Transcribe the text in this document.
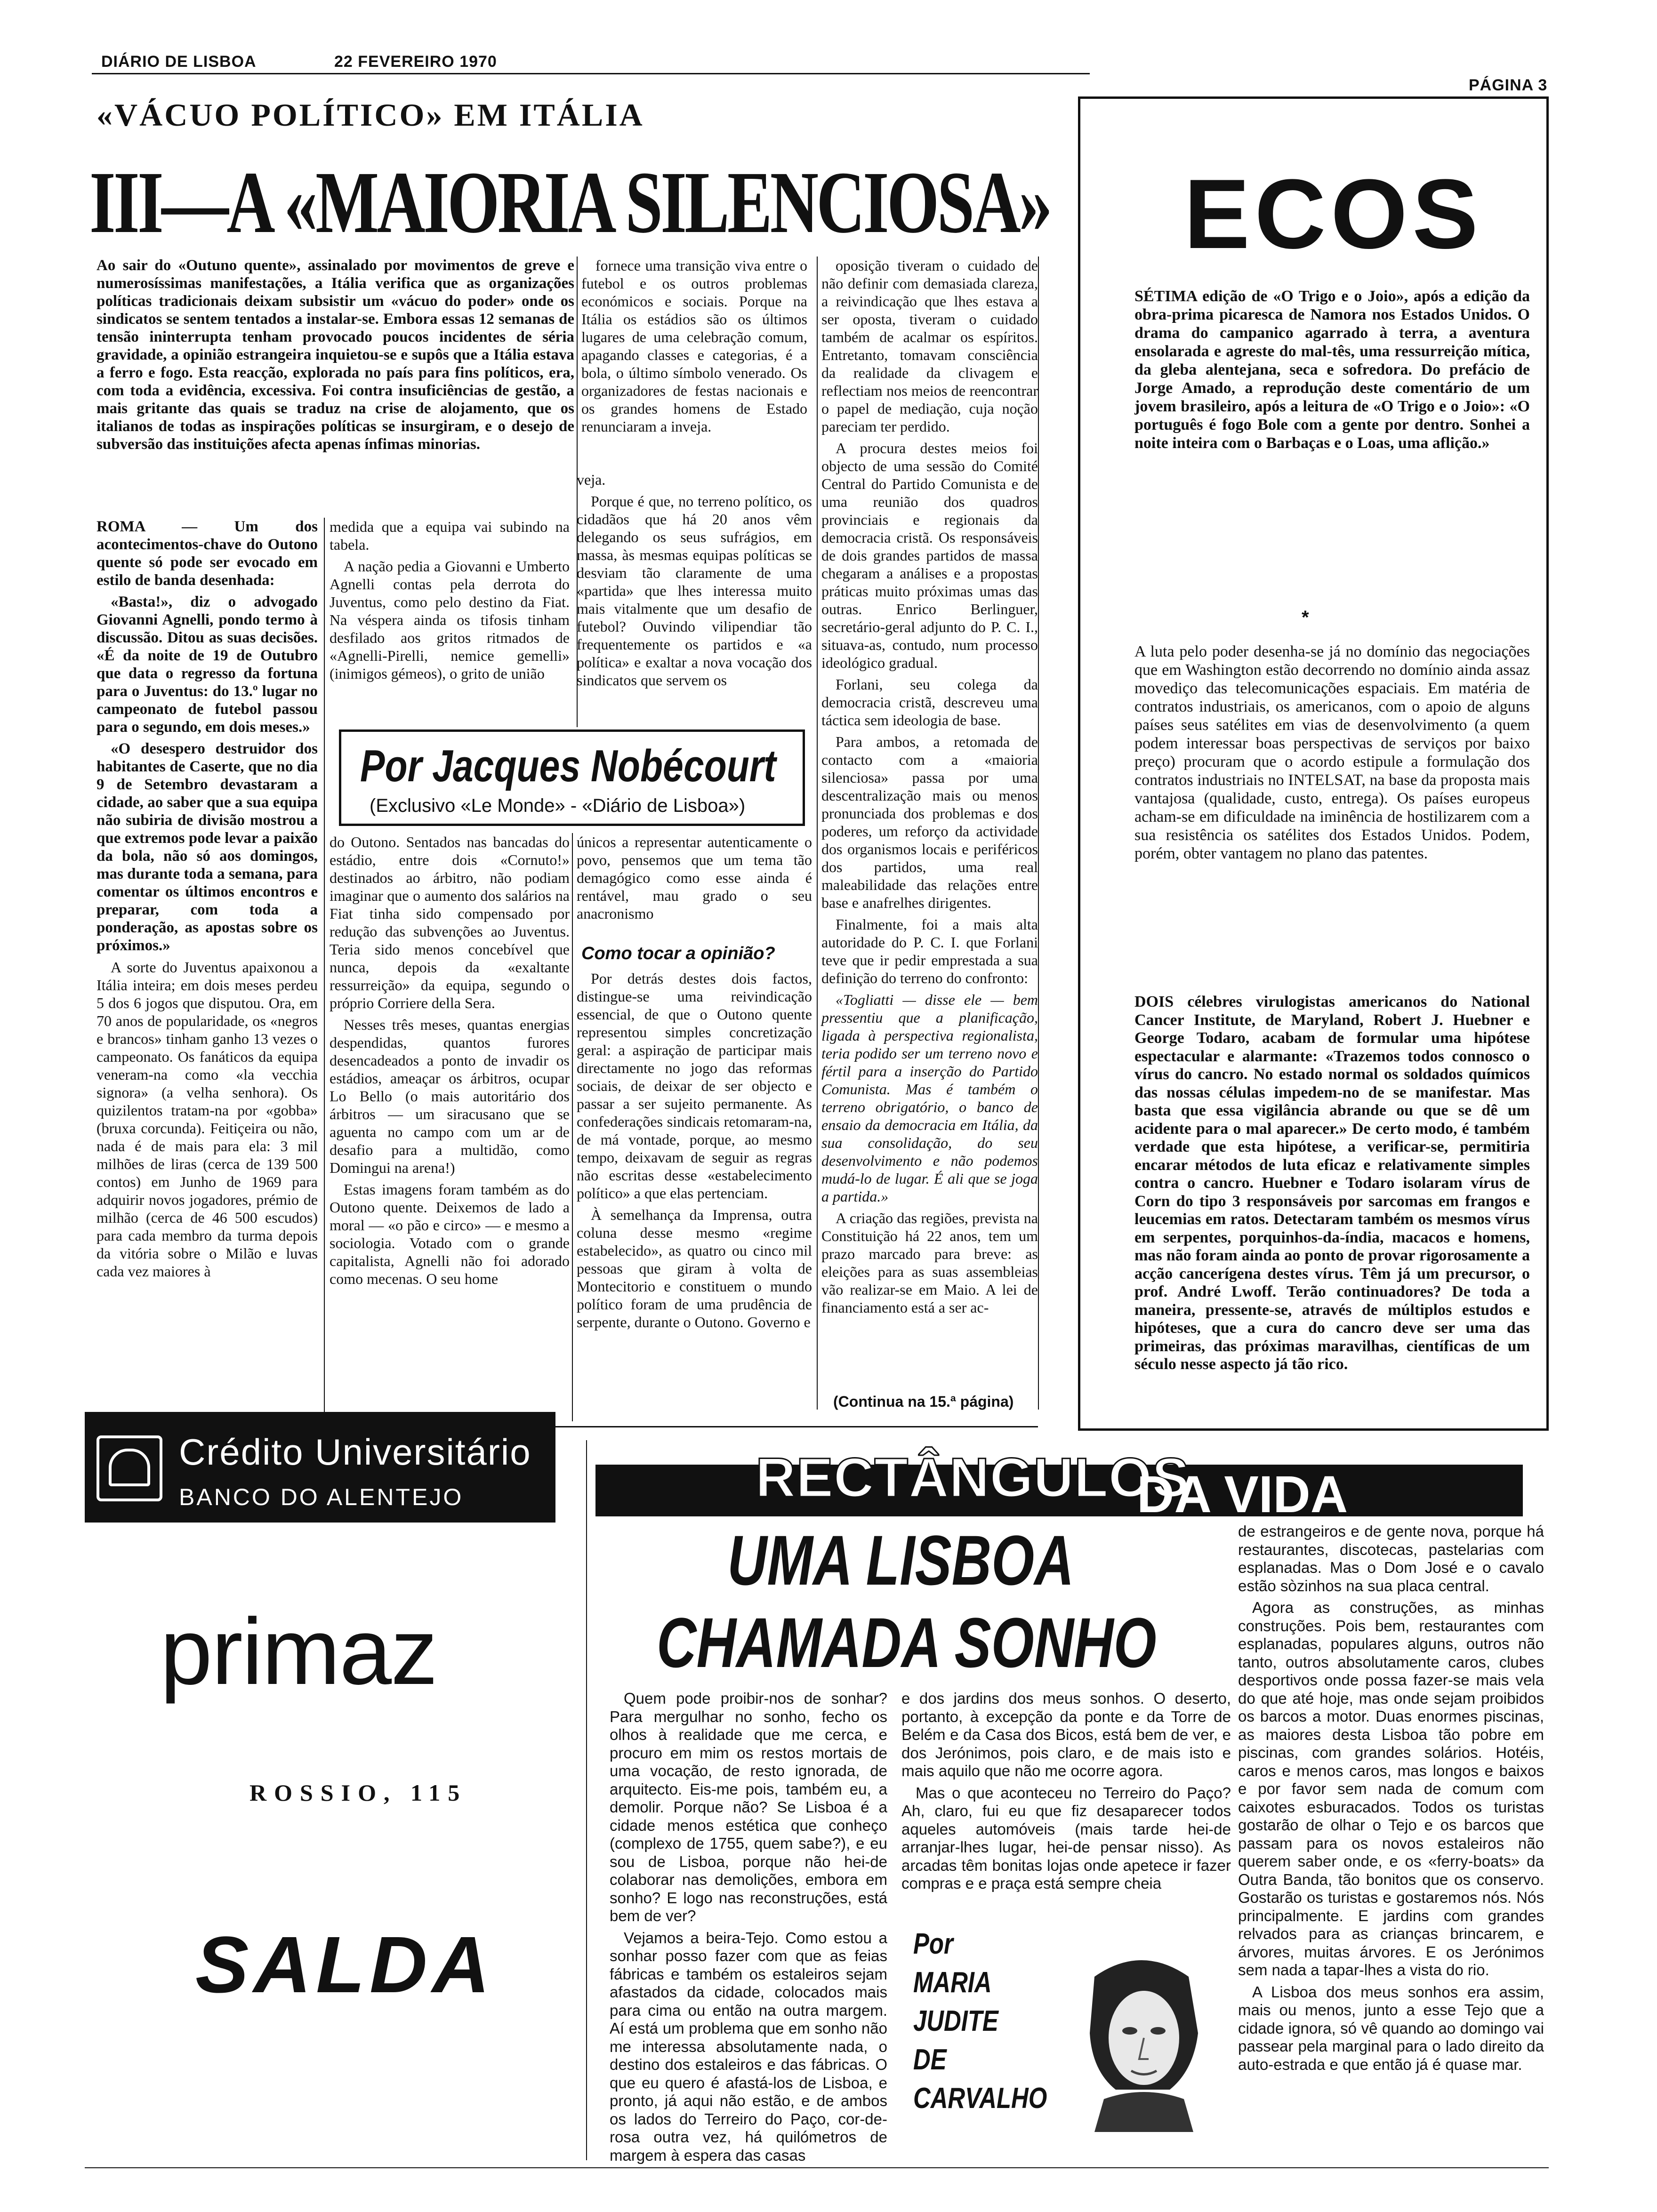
DIÁRIO DE LISBOA	22 FEVEREIRO 1970
PÁGINA 3
«VÁCUO POLÍTICO» EM ITÁLIA
III—A «MAIORIA SILENCIOSA»
Ao sair do «Outuno quente», assinalado por movimentos de greve e numerosíssimas manifestações, a Itália verifica que as organizações políticas tradicionais deixam subsistir um «vácuo do poder» onde os sindicatos se sentem tentados a instalar-se. Embora essas 12 semanas de tensão ininterrupta tenham provocado poucos incidentes de séria gravidade, a opinião estrangeira inquietou-se e supôs que a Itália estava a ferro e fogo. Esta reacção, explorada no país para fins políticos, era, com toda a evidência, excessiva. Foi contra insuficiências de gestão, a mais gritante das quais se traduz na crise de alojamento, que os italianos de todas as inspirações políticas se insurgiram, e o desejo de subversão das instituições afecta apenas ínfimas minorias.

ROMA — Um dos acontecimentos-chave do Outono quente só pode ser evocado em estilo de banda desenhada:

«Basta!», diz o advogado Giovanni Agnelli, pondo termo à discussão. Ditou as suas decisões. «É da noite de 19 de Outubro que data o regresso da fortuna para o Juventus: do 13.º lugar no campeonato de futebol passou para o segundo, em dois meses.»

«O desespero destruidor dos habitantes de Caserte, que no dia 9 de Setembro devastaram a cidade, ao saber que a sua equipa não subiria de divisão mostrou a que extremos pode levar a paixão da bola, não só aos domingos, mas durante toda a semana, para comentar os últimos encontros e preparar, com toda a ponderação, as apostas sobre os próximos.»

A sorte do Juventus apaixonou a Itália inteira; em dois meses perdeu 5 dos 6 jogos que disputou. Ora, em 70 anos de popularidade, os «negros e brancos» tinham ganho 13 vezes o campeonato. Os fanáticos da equipa veneram-na como «la vecchia signora» (a velha senhora). Os quizilentos tratam-na por «gobba» (bruxa corcunda). Feitiçeira ou não, nada é de mais para ela: 3 mil milhões de liras (cerca de 139 500 contos) em Junho de 1969 para adquirir novos jogadores, prémio de milhão (cerca de 46 500 escudos) para cada membro da turma depois da vitória sobre o Milão e luvas cada vez maiores à

fornece uma transição viva entre o futebol e os outros problemas económicos e sociais. Porque na Itália os estádios são os últimos lugares de uma celebração comum, apagando classes e categorias, é a bola, o último símbolo venerado. Os organizadores de festas nacionais e os grandes homens de Estado renunciaram a inveja.

oposição tiveram o cuidado de não definir com demasiada clareza, a reivindicação que lhes estava a ser oposta, tiveram o cuidado também de acalmar os espíritos. Entretanto, tomavam consciência da realidade da clivagem e reflectiam nos meios de reencontrar o papel de mediação, cuja noção pareciam ter perdido.

A procura destes meios foi objecto de uma sessão do Comité Central do Partido Comunista e de uma reunião dos quadros provinciais e regionais da democracia cristã. Os responsáveis de dois grandes partidos de massa chegaram a análises e a propostas práticas muito próximas umas das outras. Enrico Berlinguer, secretário-geral adjunto do P. C. I., situava-as, contudo, num processo ideológico gradual.

Forlani, seu colega da democracia cristã, descreveu uma táctica sem ideologia de base.

Para ambos, a retomada de contacto com a «maioria silenciosa» passa por uma descentralização mais ou menos pronunciada dos problemas e dos poderes, um reforço da actividade dos organismos locais e periféricos dos partidos, uma real maleabilidade das relações entre base e anafrelhes dirigentes.

Finalmente, foi a mais alta autoridade do P. C. I. que Forlani teve que ir pedir emprestada a sua definição do terreno do confronto:

«Togliatti — disse ele — bem pressentiu que a planificação, ligada à perspectiva regionalista, teria podido ser um terreno novo e fértil para a inserção do Partido Comunista. Mas é também o terreno obrigatório, o banco de ensaio da democracia em Itália, da sua consolidação, do seu desenvolvimento e não podemos mudá-lo de lugar. É ali que se joga a partida.»

A criação das regiões, prevista na Constituição há 22 anos, tem um prazo marcado para breve: as eleições para as suas assembleias vão realizar-se em Maio. A lei de financiamento está a ser ac-

medida que a equipa vai subindo na tabela.

A nação pedia a Giovanni e Umberto Agnelli contas pela derrota do Juventus, como pelo destino da Fiat. Na véspera ainda os tifosis tinham desfilado aos gritos ritmados de «Agnelli-Pirelli, nemice gemelli» (inimigos gémeos), o grito de união

veja.

Porque é que, no terreno político, os cidadãos que há 20 anos vêm delegando os seus sufrágios, em massa, às mesmas equipas políticas se desviam tão claramente de uma «partida» que lhes interessa muito mais vitalmente que um desafio de futebol? Ouvindo vilipendiar tão frequentemente os partidos e «a política» e exaltar a nova vocação dos sindicatos que servem os

Por Jacques Nobécourt
(Exclusivo «Le Monde» - «Diário de Lisboa»)

do Outono. Sentados nas bancadas do estádio, entre dois «Cornuto!» destinados ao árbitro, não podiam imaginar que o aumento dos salários na Fiat tinha sido compensado por redução das subvenções ao Juventus. Teria sido menos concebível que nunca, depois da «exaltante ressurreição» da equipa, segundo o próprio Corriere della Sera.

Nesses três meses, quantas energias despendidas, quantos furores desencadeados a ponto de invadir os estádios, ameaçar os árbitros, ocupar Lo Bello (o mais autoritário dos árbitros — um siracusano que se aguenta no campo com um ar de desafio para a multidão, como Domingui na arena!)

Estas imagens foram também as do Outono quente. Deixemos de lado a moral — «o pão e circo» — e mesmo a sociologia. Votado com o grande capitalista, Agnelli não foi adorado como mecenas. O seu home

únicos a representar autenticamente o povo, pensemos que um tema tão demagógico como esse ainda é rentável, mau grado o seu anacronismo

Como tocar a opinião?

Por detrás destes dois factos, distingue-se uma reivindicação essencial, de que o Outono quente representou simples concretização geral: a aspiração de participar mais directamente no jogo das reformas sociais, de deixar de ser objecto e passar a ser sujeito permanente. As confederações sindicais retomaram-na, de má vontade, porque, ao mesmo tempo, deixavam de seguir as regras não escritas desse «estabelecimento político» a que elas pertenciam.

À semelhança da Imprensa, outra coluna desse mesmo «regime estabelecido», as quatro ou cinco mil pessoas que giram à volta de Montecitorio e constituem o mundo político foram de uma prudência de serpente, durante o Outono. Governo e

(Continua na 15.ª página)
ECOS
SÉTIMA edição de «O Trigo e o Joio», após a edição da obra-prima picaresca de Namora nos Estados Unidos. O drama do campanico agarrado à terra, a aventura ensolarada e agreste do mal-tês, uma ressurreição mítica, da gleba alentejana, seca e sofredora. Do prefácio de Jorge Amado, a reprodução deste comentário de um jovem brasileiro, após a leitura de «O Trigo e o Joio»: «O português é fogo Bole com a gente por dentro. Sonhei a noite inteira com o Barbaças e o Loas, uma aflição.»
*
A luta pelo poder desenha-se já no domínio das negociações que em Washington estão decorrendo no domínio ainda assaz movediço das telecomunicações espaciais. Em matéria de contratos industriais, os americanos, com o apoio de alguns países seus satélites em vias de desenvolvimento (a quem podem interessar boas perspectivas de serviços por baixo preço) procuram que o acordo estipule a formulação dos contratos industriais no INTELSAT, na base da proposta mais vantajosa (qualidade, custo, entrega). Os países europeus acham-se em dificuldade na iminência de hostilizarem com a sua resistência os satélites dos Estados Unidos. Podem, porém, obter vantagem no plano das patentes.
DOIS célebres virulogistas americanos do National Cancer Institute, de Maryland, Robert J. Huebner e George Todaro, acabam de formular uma hipótese espectacular e alarmante: «Trazemos todos connosco o vírus do cancro. No estado normal os soldados químicos das nossas células impedem-no de se manifestar. Mas basta que essa vigilância abrande ou que se dê um acidente para o mal aparecer.» De certo modo, é também verdade que esta hipótese, a verificar-se, permitiria encarar métodos de luta eficaz e relativamente simples contra o cancro. Huebner e Todaro isolaram vírus de Corn do tipo 3 responsáveis por sarcomas em frangos e leucemias em ratos. Detectaram também os mesmos vírus em serpentes, porquinhos-da-índia, macacos e homens, mas não foram ainda ao ponto de provar rigorosamente a acção cancerígena destes vírus. Têm já um precursor, o prof. André Lwoff. Terão continuadores? De toda a maneira, pressente-se, através de múltiplos estudos e hipóteses, que a cura do cancro deve ser uma das primeiras, das próximas maravilhas, científicas de um século nesse aspecto já tão rico.
Crédito Universitário
BANCO DO ALENTEJO
primaz
ROSSIO, 115
SALDA
RECTÂNGULOS
DA VIDA
UMA LISBOA
CHAMADA SONHO

Quem pode proibir-nos de sonhar? Para mergulhar no sonho, fecho os olhos à realidade que me cerca, e procuro em mim os restos mortais de uma vocação, de resto ignorada, de arquitecto. Eis-me pois, também eu, a demolir. Porque não? Se Lisboa é a cidade menos estética que conheço (complexo de 1755, quem sabe?), e eu sou de Lisboa, porque não hei-de colaborar nas demolições, embora em sonho? E logo nas reconstruções, está bem de ver?

Vejamos a beira-Tejo. Como estou a sonhar posso fazer com que as feias fábricas e também os estaleiros sejam afastados da cidade, colocados mais para cima ou então na outra margem. Aí está um problema que em sonho não me interessa absolutamente nada, o destino dos estaleiros e das fábricas. O que eu quero é afastá-los de Lisboa, e pronto, já aqui não estão, e de ambos os lados do Terreiro do Paço, cor-de-rosa outra vez, há quilómetros de margem à espera das casas

e dos jardins dos meus sonhos. O deserto, portanto, à excepção da ponte e da Torre de Belém e da Casa dos Bicos, está bem de ver, e dos Jerónimos, pois claro, e de mais isto e mais aquilo que não me ocorre agora.

Mas o que aconteceu no Terreiro do Paço? Ah, claro, fui eu que fiz desaparecer todos aqueles automóveis (mais tarde hei-de arranjar-lhes lugar, hei-de pensar nisso). As arcadas têm bonitas lojas onde apetece ir fazer compras e e praça está sempre cheia

Por
MARIA
JUDITE
DE
CARVALHO

de estrangeiros e de gente nova, porque há restaurantes, discotecas, pastelarias com esplanadas. Mas o Dom José e o cavalo estão sòzinhos na sua placa central.

Agora as construções, as minhas construções. Pois bem, restaurantes com esplanadas, populares alguns, outros não tanto, outros absolutamente caros, clubes desportivos onde possa fazer-se mais vela do que até hoje, mas onde sejam proibidos os barcos a motor. Duas enormes piscinas, as maiores desta Lisboa tão pobre em piscinas, com grandes solários. Hotéis, caros e menos caros, mas longos e baixos e por favor sem nada de comum com caixotes esburacados. Todos os turistas gostarão de olhar o Tejo e os barcos que passam para os novos estaleiros não querem saber onde, e os «ferry-boats» da Outra Banda, tão bonitos que os conservo. Gostarão os turistas e gostaremos nós. Nós principalmente. E jardins com grandes relvados para as crianças brincarem, e árvores, muitas árvores. E os Jerónimos sem nada a tapar-lhes a vista do rio.

A Lisboa dos meus sonhos era assim, mais ou menos, junto a esse Tejo que a cidade ignora, só vê quando ao domingo vai passear pela marginal para o lado direito da auto-estrada e que então já é quase mar.
